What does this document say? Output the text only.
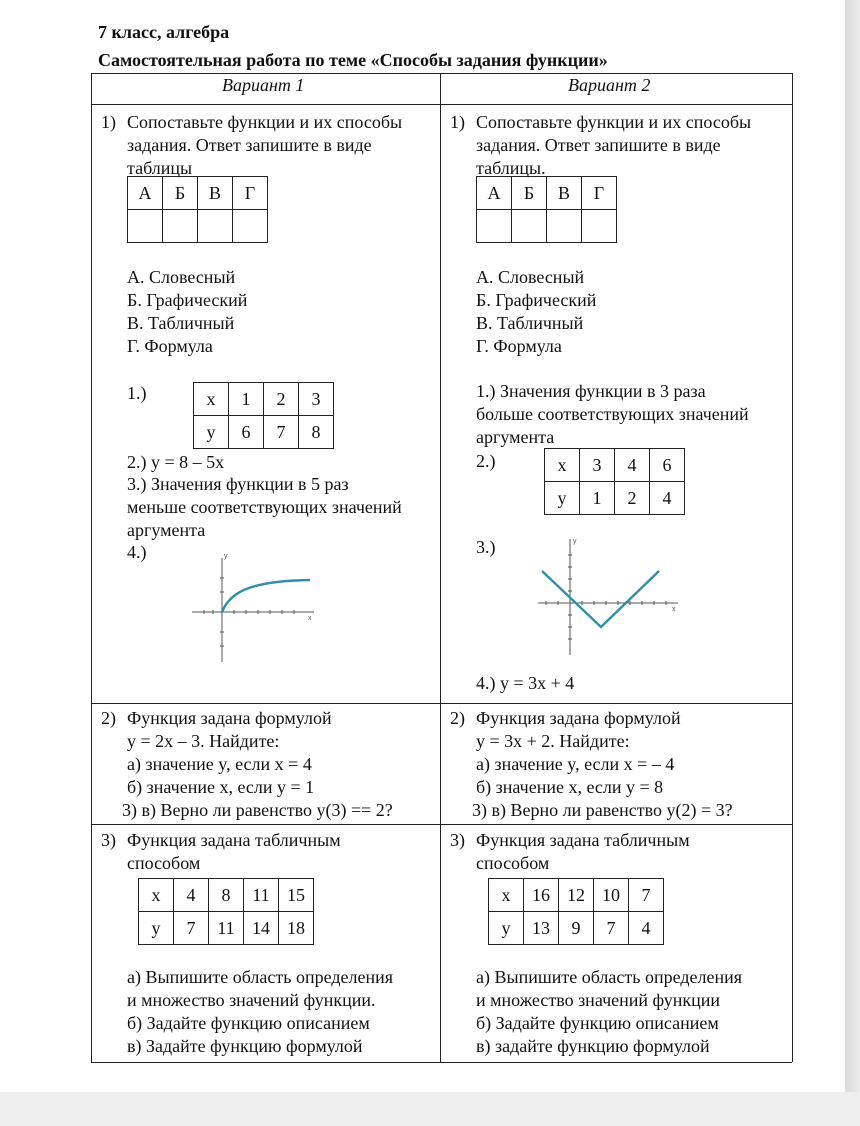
7 класс, алгебра
Самостоятельная работа по теме «Способы задания функции»
Вариант 1	Вариант 2
1) Сопоставьте функции и их способы задания. Ответ запишите в виде таблицы
А	Б	В	Г

А. Словесный
Б. Графический
В. Табличный
Г. Формула
1.)	x	1	2	3
y	6	7	8
2.) y = 8 – 5x
3.) Значения функции в 5 раз
меньше соответствующих значений
аргумента
4.)	y
x
1) Сопоставьте функции и их способы задания. Ответ запишите в виде таблицы.
А	Б	В	Г

А. Словесный
Б. Графический
В. Табличный
Г. Формула
1.) Значения функции в 3 раза
больше соответствующих значений
аргумента
2.)	x	3	4	6
y	1	2	4
3.)	y
x
4.) y = 3x + 4
2) Функция задана формулой
y = 2x – 3. Найдите:
а) значение y, если x = 4
б) значение x, если y = 1
3) в) Верно ли равенство y(3) == 2?
2) Функция задана формулой
y = 3x + 2. Найдите:
а) значение y, если x = – 4
б) значение x, если y = 8
3) в) Верно ли равенство y(2) = 3?
3) Функция задана табличным
способом
x	4	8	11	15
y	7	11	14	18
а) Выпишите область определения
и множество значений функции.
б) Задайте функцию описанием
в) Задайте функцию формулой
3) Функция задана табличным
способом
x	16	12	10	7
y	13	9	7	4
а) Выпишите область определения
и множество значений функции
б) Задайте функцию описанием
в) задайте функцию формулой
